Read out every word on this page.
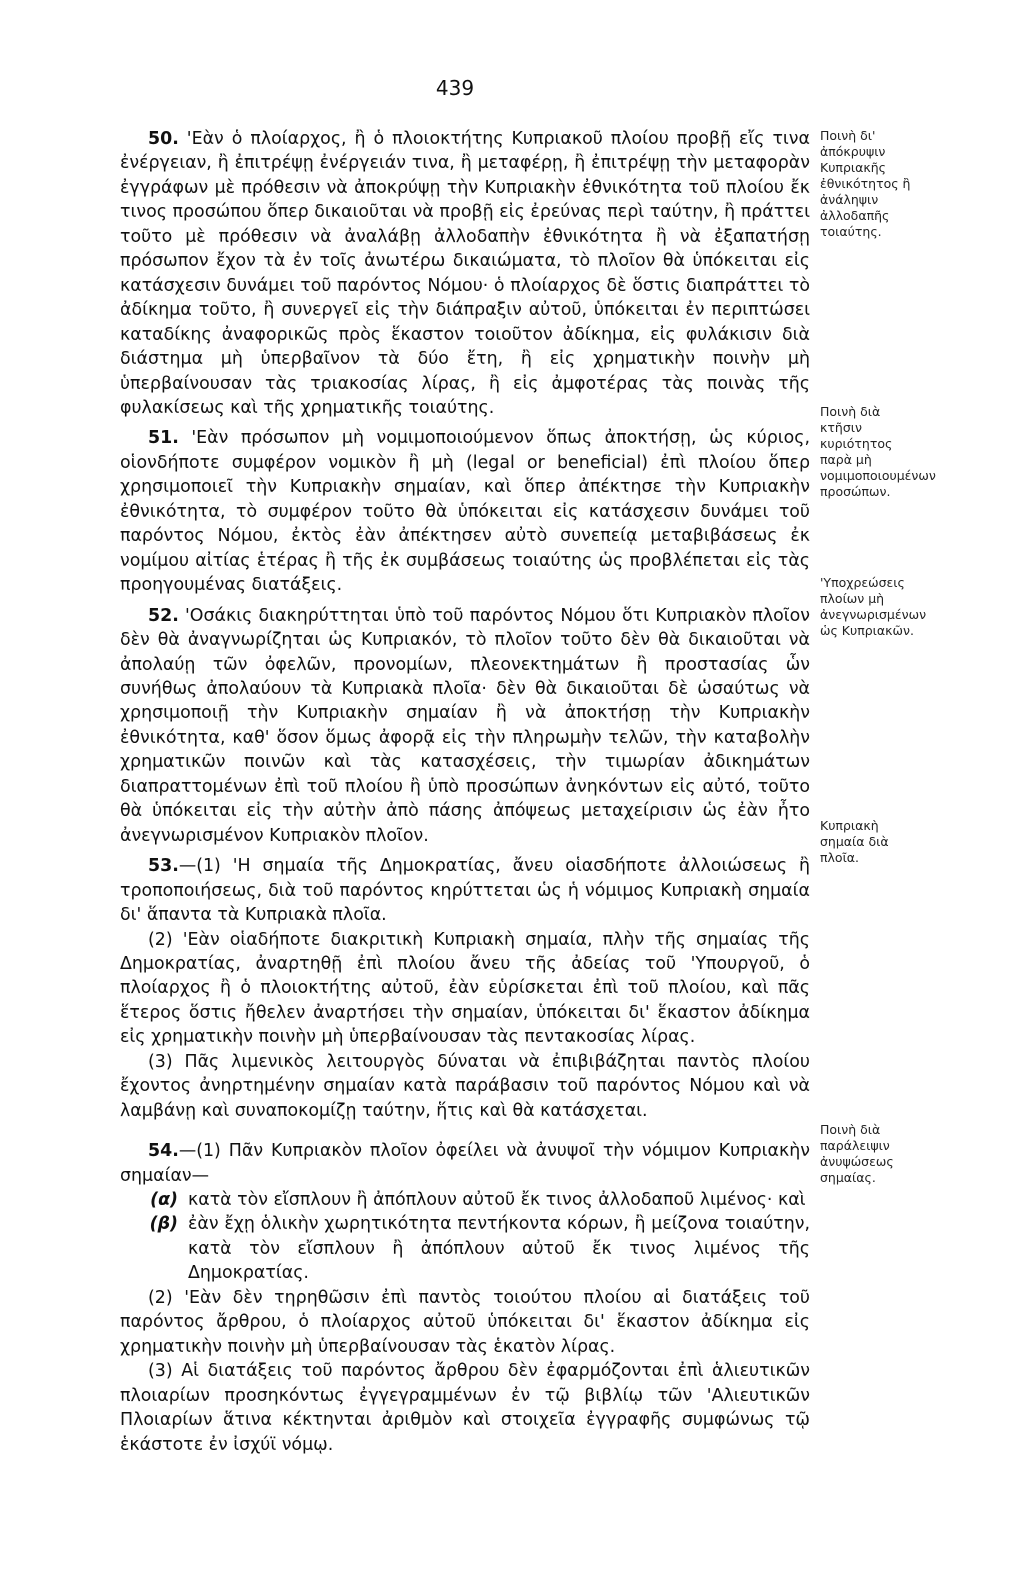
439

50. 'Εὰν ὁ πλοίαρχος, ἢ ὁ πλοιοκτήτης Κυπριακοῦ πλοίου προβῇ εἴς τινα ἐνέργειαν, ἢ ἐπιτρέψῃ ἐνέργειάν τινα, ἢ μεταφέρῃ, ἢ ἐπιτρέψῃ τὴν μεταφορὰν ἐγγράφων μὲ πρόθεσιν νὰ ἀποκρύψῃ τὴν Κυπριακὴν ἐθνικότητα τοῦ πλοίου ἔκ τινος προσώπου ὅπερ δικαιοῦται νὰ προβῇ εἰς ἐρεύνας περὶ ταύτην, ἢ πράττει τοῦτο μὲ πρόθεσιν νὰ ἀναλάβῃ ἀλλοδαπὴν ἐθνικότητα ἢ νὰ ἐξαπατήσῃ πρόσωπον ἔχον τὰ ἐν τοῖς ἀνωτέρω δικαιώματα, τὸ πλοῖον θὰ ὑπόκειται εἰς κατάσχεσιν δυνάμει τοῦ παρόντος Νόμου· ὁ πλοίαρχος δὲ ὅστις διαπράττει τὸ ἀδίκημα τοῦτο, ἢ συνεργεῖ εἰς τὴν διάπραξιν αὐτοῦ, ὑπόκειται ἐν περιπτώσει καταδίκης ἀναφορικῶς πρὸς ἕκαστον τοιοῦτον ἀδίκημα, εἰς φυλάκισιν διὰ διάστημα μὴ ὑπερβαῖνον τὰ δύο ἔτη, ἢ εἰς χρηματικὴν ποινὴν μὴ ὑπερβαίνουσαν τὰς τριακοσίας λίρας, ἢ εἰς ἀμφοτέρας τὰς ποινὰς τῆς φυλακίσεως καὶ τῆς χρηματικῆς τοιαύτης.

51. 'Εὰν πρόσωπον μὴ νομιμοποιούμενον ὅπως ἀποκτήσῃ, ὡς κύριος, οἱονδήποτε συμφέρον νομικὸν ἢ μὴ (legal or beneficial) ἐπὶ πλοίου ὅπερ χρησιμοποιεῖ τὴν Κυπριακὴν σημαίαν, καὶ ὅπερ ἀπέκτησε τὴν Κυπριακὴν ἐθνικότητα, τὸ συμφέρον τοῦτο θὰ ὑπόκειται εἰς κατάσχεσιν δυνάμει τοῦ παρόντος Νόμου, ἐκτὸς ἐὰν ἀπέκτησεν αὐτὸ συνεπείᾳ μεταβιβάσεως ἐκ νομίμου αἰτίας ἑτέρας ἢ τῆς ἐκ συμβάσεως τοιαύτης ὡς προβλέπεται εἰς τὰς προηγουμένας διατάξεις.

52. 'Οσάκις διακηρύττηται ὑπὸ τοῦ παρόντος Νόμου ὅτι Κυπριακὸν πλοῖον δὲν θὰ ἀναγνωρίζηται ὡς Κυπριακόν, τὸ πλοῖον τοῦτο δὲν θὰ δικαιοῦται νὰ ἀπολαύῃ τῶν ὀφελῶν, προνομίων, πλεονεκτημάτων ἢ προστασίας ὧν συνήθως ἀπολαύουν τὰ Κυπριακὰ πλοῖα· δὲν θὰ δικαιοῦται δὲ ὡσαύτως νὰ χρησιμοποιῇ τὴν Κυπριακὴν σημαίαν ἢ νὰ ἀποκτήσῃ τὴν Κυπριακὴν ἐθνικότητα, καθ' ὅσον ὅμως ἀφορᾷ εἰς τὴν πληρωμὴν τελῶν, τὴν καταβολὴν χρηματικῶν ποινῶν καὶ τὰς κατασχέσεις, τὴν τιμωρίαν ἀδικημάτων διαπραττομένων ἐπὶ τοῦ πλοίου ἢ ὑπὸ προσώπων ἀνηκόντων εἰς αὐτό, τοῦτο θὰ ὑπόκειται εἰς τὴν αὐτὴν ἀπὸ πάσης ἀπόψεως μεταχείρισιν ὡς ἐὰν ἦτο ἀνεγνωρισμένον Κυπριακὸν πλοῖον.

53.—(1) 'Η σημαία τῆς Δημοκρατίας, ἄνευ οἱασδήποτε ἀλλοιώσεως ἢ τροποποιήσεως, διὰ τοῦ παρόντος κηρύττεται ὡς ἡ νόμιμος Κυπριακὴ σημαία δι' ἅπαντα τὰ Κυπριακὰ πλοῖα.

(2) 'Εὰν οἱαδήποτε διακριτικὴ Κυπριακὴ σημαία, πλὴν τῆς σημαίας τῆς Δημοκρατίας, ἀναρτηθῇ ἐπὶ πλοίου ἄνευ τῆς ἀδείας τοῦ 'Υπουργοῦ, ὁ πλοίαρχος ἢ ὁ πλοιοκτήτης αὐτοῦ, ἐὰν εὑρίσκεται ἐπὶ τοῦ πλοίου, καὶ πᾶς ἕτερος ὅστις ἤθελεν ἀναρτήσει τὴν σημαίαν, ὑπόκειται δι' ἕκαστον ἀδίκημα εἰς χρηματικὴν ποινὴν μὴ ὑπερβαίνουσαν τὰς πεντακοσίας λίρας.

(3) Πᾶς λιμενικὸς λειτουργὸς δύναται νὰ ἐπιβιβάζηται παντὸς πλοίου ἔχοντος ἀνηρτημένην σημαίαν κατὰ παράβασιν τοῦ παρόντος Νόμου καὶ νὰ λαμβάνῃ καὶ συναποκομίζῃ ταύτην, ἥτις καὶ θὰ κατάσχεται.

54.—(1) Πᾶν Κυπριακὸν πλοῖον ὀφείλει νὰ ἀνυψοῖ τὴν νόμιμον Κυπριακὴν σημαίαν—

(α) κατὰ τὸν εἴσπλουν ἢ ἀπόπλουν αὐτοῦ ἔκ τινος ἀλλοδαποῦ λιμένος· καὶ
(β) ἐὰν ἔχῃ ὁλικὴν χωρητικότητα πεντήκοντα κόρων, ἢ μείζονα τοιαύτην, κατὰ τὸν εἴσπλουν ἢ ἀπόπλουν αὐτοῦ ἔκ τινος λιμένος τῆς Δημοκρατίας.

(2) 'Εὰν δὲν τηρηθῶσιν ἐπὶ παντὸς τοιούτου πλοίου αἱ διατάξεις τοῦ παρόντος ἄρθρου, ὁ πλοίαρχος αὐτοῦ ὑπόκειται δι' ἕκαστον ἀδίκημα εἰς χρηματικὴν ποινὴν μὴ ὑπερβαίνουσαν τὰς ἑκατὸν λίρας.

(3) Αἱ διατάξεις τοῦ παρόντος ἄρθρου δὲν ἐφαρμόζονται ἐπὶ ἁλιευτικῶν πλοιαρίων προσηκόντως ἐγγεγραμμένων ἐν τῷ βιβλίῳ τῶν 'Αλιευτικῶν Πλοιαρίων ἅτινα κέκτηνται ἀριθμὸν καὶ στοιχεῖα ἐγγραφῆς συμφώνως τῷ ἑκάστοτε ἐν ἰσχύϊ νόμῳ.

Ποινὴ δι' ἀπόκρυψιν Κυπριακῆς ἐθνικότητος ἢ ἀνάληψιν ἀλλοδαπῆς τοιαύτης.
Ποινὴ διὰ κτῆσιν κυριότητος παρὰ μὴ νομιμοποιουμένων προσώπων.
'Υποχρεώσεις πλοίων μὴ ἀνεγνωρισμένων ὡς Κυπριακῶν.
Κυπριακὴ σημαία διὰ πλοῖα.
Ποινὴ διὰ παράλειψιν ἀνυψώσεως σημαίας.
